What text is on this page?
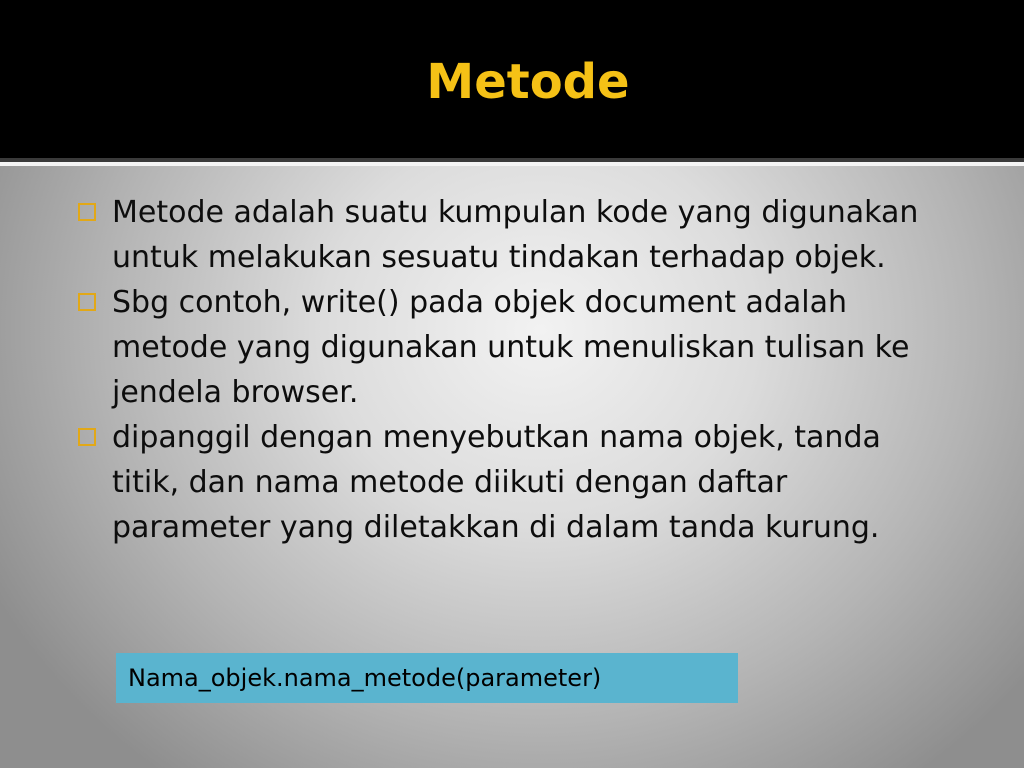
Metode
Metode adalah suatu kumpulan kode yang digunakan untuk melakukan sesuatu tindakan terhadap objek.
Sbg contoh, write() pada objek document adalah metode yang digunakan untuk menuliskan tulisan ke jendela browser.
dipanggil dengan menyebutkan nama objek, tanda titik, dan nama metode diikuti dengan daftar parameter yang diletakkan di dalam tanda kurung.
Nama_objek.nama_metode(parameter)
